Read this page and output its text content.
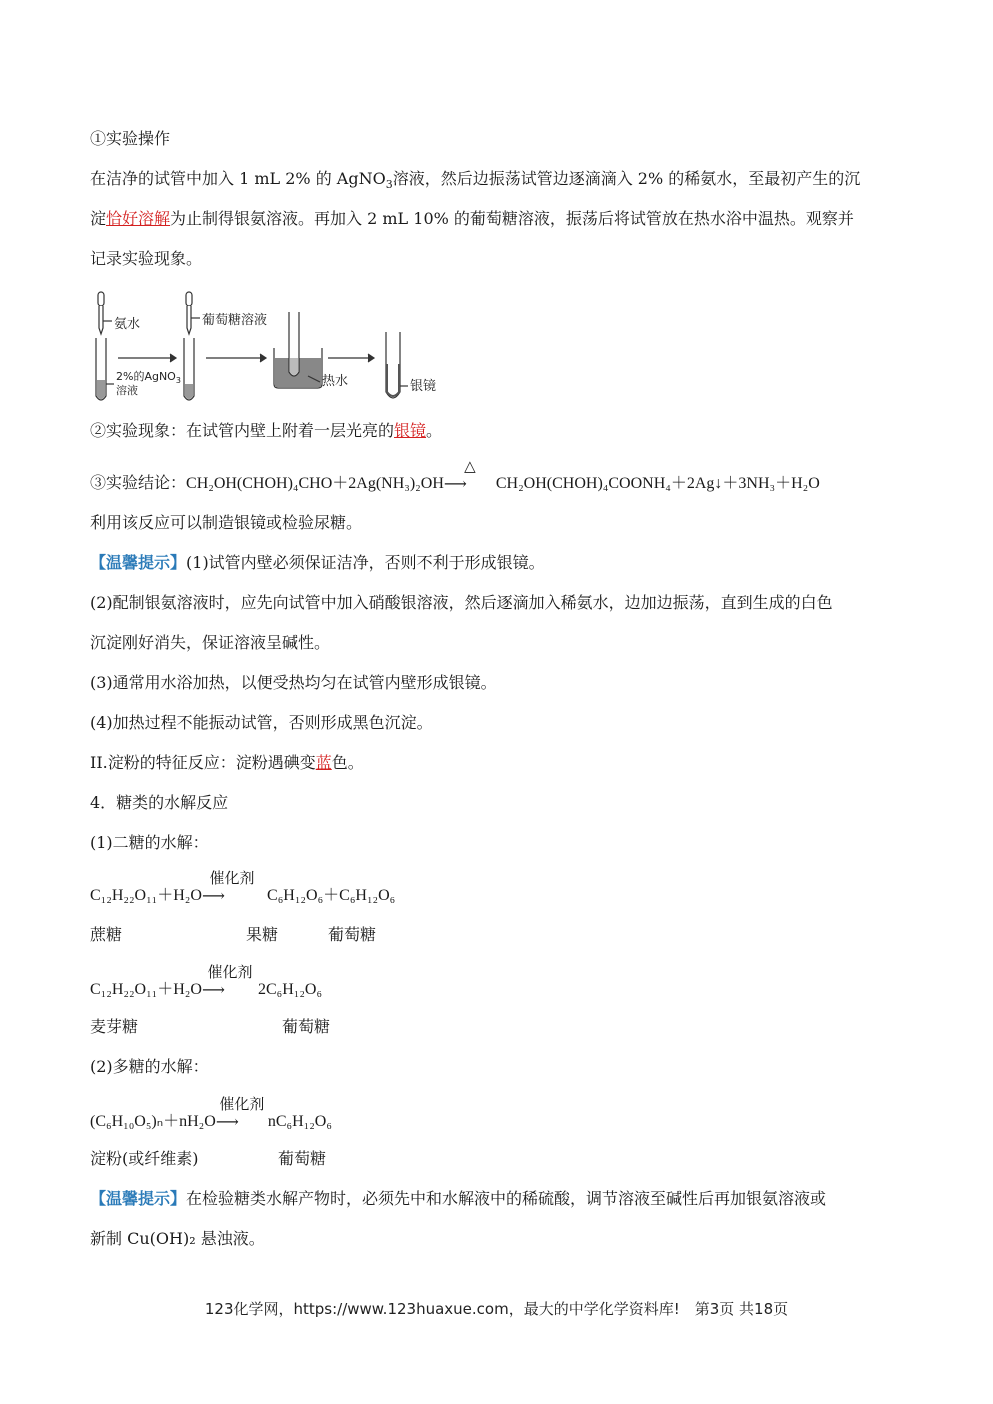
①实验操作
在洁净的试管中加入 1 mL 2% 的 AgNO$_3$溶液，然后边振荡试管边逐滴滴入 2% 的稀氨水，至最初产生的沉
淀恰好溶解为止制得银氨溶液。再加入 2 mL 10% 的葡萄糖溶液，振荡后将试管放在热水浴中温热。观察并
记录实验现象。
氨水	葡萄糖溶液
2%的AgNO$_3$
溶液
热水	银镜
②实验现象：在试管内壁上附着一层光亮的银镜。
③实验结论：CH₂OH(CHOH)₄CHO＋2Ag(NH₃)₂OH
△
⟶ CH₂OH(CHOH)₄COONH₄＋2Ag↓＋3NH₃＋H₂O
利用该反应可以制造银镜或检验尿糖。
【温馨提示】(1)试管内壁必须保证洁净，否则不利于形成银镜。
(2)配制银氨溶液时，应先向试管中加入硝酸银溶液，然后逐滴加入稀氨水，边加边振荡，直到生成的白色
沉淀刚好消失，保证溶液呈碱性。
(3)通常用水浴加热，以便受热均匀在试管内壁形成银镜。
(4)加热过程不能振动试管，否则形成黑色沉淀。
II.淀粉的特征反应：淀粉遇碘变蓝色。
4．糖类的水解反应
(1)二糖的水解：
C₁₂H₂₂O₁₁＋H₂O
催化剂
⟶	C₆H₁₂O₆＋C₆H₁₂O₆
蔗糖	果糖	葡萄糖
C₁₂H₂₂O₁₁＋H₂O
催化剂
⟶ 2C₆H₁₂O₆
麦芽糖	葡萄糖
(2)多糖的水解：
(C₆H₁₀O₅)ₙ＋nH₂O
催化剂
⟶ nC₆H₁₂O₆
淀粉(或纤维素)	葡萄糖
【温馨提示】在检验糖类水解产物时，必须先中和水解液中的稀硫酸，调节溶液至碱性后再加银氨溶液或
新制 Cu(OH)₂ 悬浊液。
123化学网，https://www.123huaxue.com，最大的中学化学资料库!　第3页 共18页
